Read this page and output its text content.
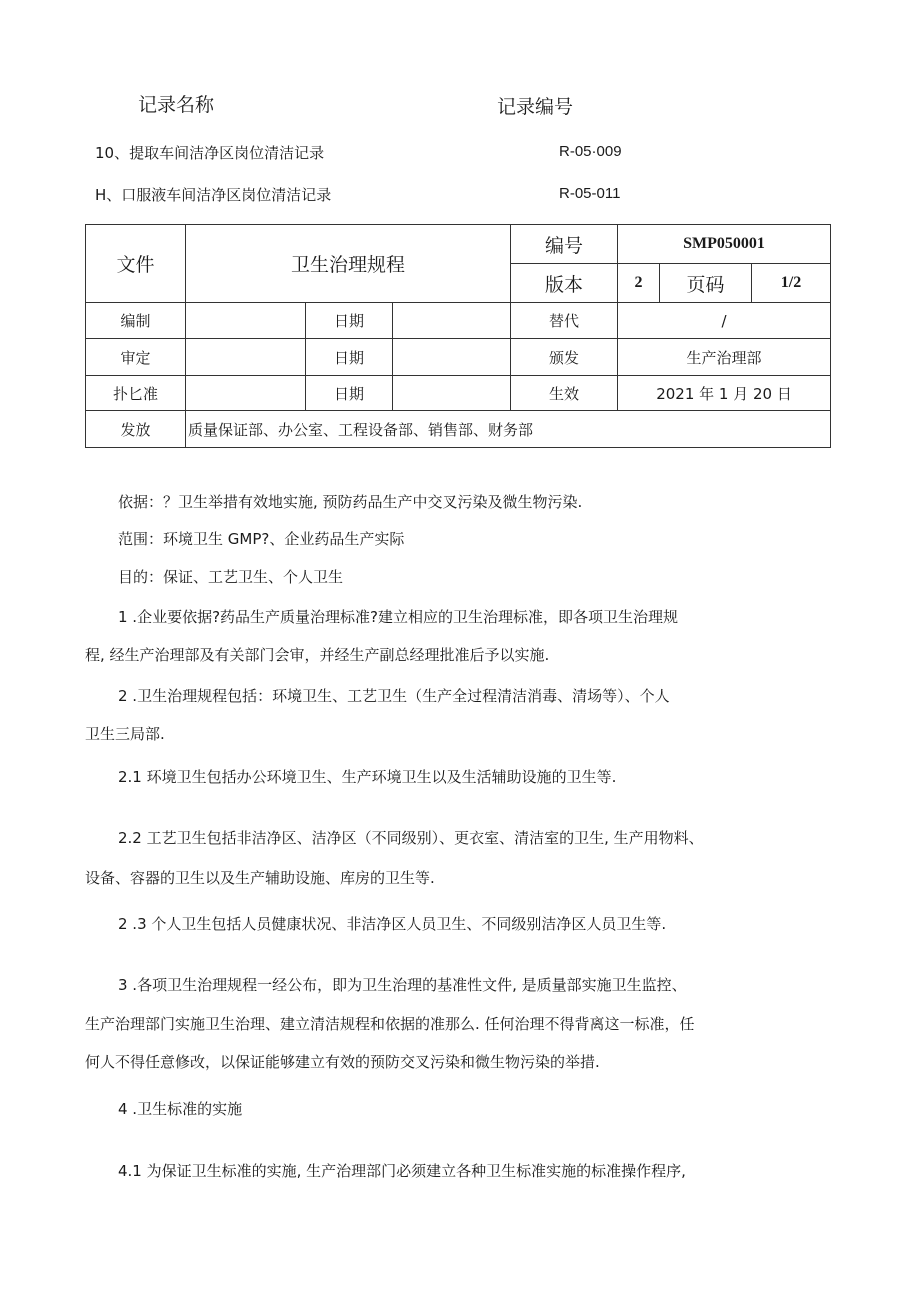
记录名称	记录编号
10、提取车间洁净区岗位清洁记录	R-05·009
H、口服液车间洁净区岗位清洁记录	R-05-011
文件	卫生治理规程			编号	SMP050001		
				版本	2	页码	1/2
编制		日期		替代	/		
审定		日期		颁发	生产治理部		
扑匕准		日期		生效	2021 年 1 月 20 日		
发放	质量保证部、办公室、工程设备部、销售部、财务部						
依据：？卫生举措有效地实施, 预防药品生产中交叉污染及微生物污染.
范围：环境卫生 GMP?、企业药品生产实际
目的：保证、工艺卫生、个人卫生
1 .企业要依据?药品生产质量治理标准?建立相应的卫生治理标准，即各项卫生治理规
程, 经生产治理部及有关部门会审，并经生产副总经理批准后予以实施.
2 .卫生治理规程包括：环境卫生、工艺卫生（生产全过程清洁消毒、清场等）、个人
卫生三局部.
2.1 环境卫生包括办公环境卫生、生产环境卫生以及生活辅助设施的卫生等.
2.2 工艺卫生包括非洁净区、洁净区（不同级别）、更衣室、清洁室的卫生, 生产用物料、
设备、容器的卫生以及生产辅助设施、库房的卫生等.
2 .3 个人卫生包括人员健康状况、非洁净区人员卫生、不同级别洁净区人员卫生等.
3 .各项卫生治理规程一经公布，即为卫生治理的基准性文件, 是质量部实施卫生监控、
生产治理部门实施卫生治理、建立清洁规程和依据的准那么. 任何治理不得背离这一标准，任
何人不得任意修改，以保证能够建立有效的预防交叉污染和微生物污染的举措.
4 .卫生标准的实施
4.1 为保证卫生标准的实施, 生产治理部门必须建立各种卫生标准实施的标准操作程序,
